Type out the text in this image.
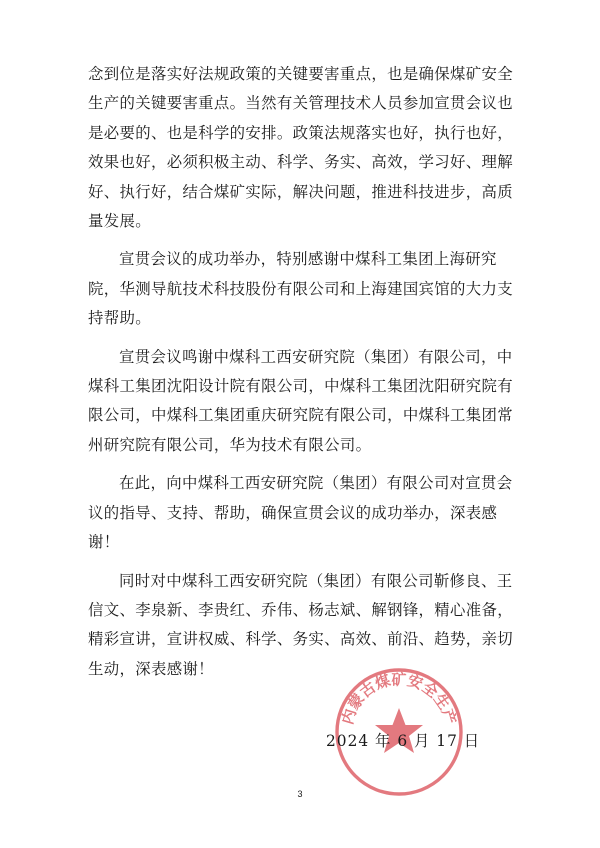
念到位是落实好法规政策的关键要害重点，也是确保煤矿安全生产的关键要害重点。当然有关管理技术人员参加宣贯会议也是必要的、也是科学的安排。政策法规落实也好，执行也好，效果也好，必须积极主动、科学、务实、高效，学习好、理解好、执行好，结合煤矿实际，解决问题，推进科技进步，高质量发展。

宣贯会议的成功举办，特别感谢中煤科工集团上海研究院，华测导航技术科技股份有限公司和上海建国宾馆的大力支持帮助。

宣贯会议鸣谢中煤科工西安研究院（集团）有限公司，中煤科工集团沈阳设计院有限公司，中煤科工集团沈阳研究院有限公司，中煤科工集团重庆研究院有限公司，中煤科工集团常州研究院有限公司，华为技术有限公司。

在此，向中煤科工西安研究院（集团）有限公司对宣贯会议的指导、支持、帮助，确保宣贯会议的成功举办，深表感谢！

同时对中煤科工西安研究院（集团）有限公司靳修良、王信文、李泉新、李贵红、乔伟、杨志斌、解钢锋，精心准备，精彩宣讲，宣讲权威、科学、务实、高效、前沿、趋势，亲切生动，深表感谢！

内蒙古煤矿安全生产
2024 年 6 月 17 日
3
